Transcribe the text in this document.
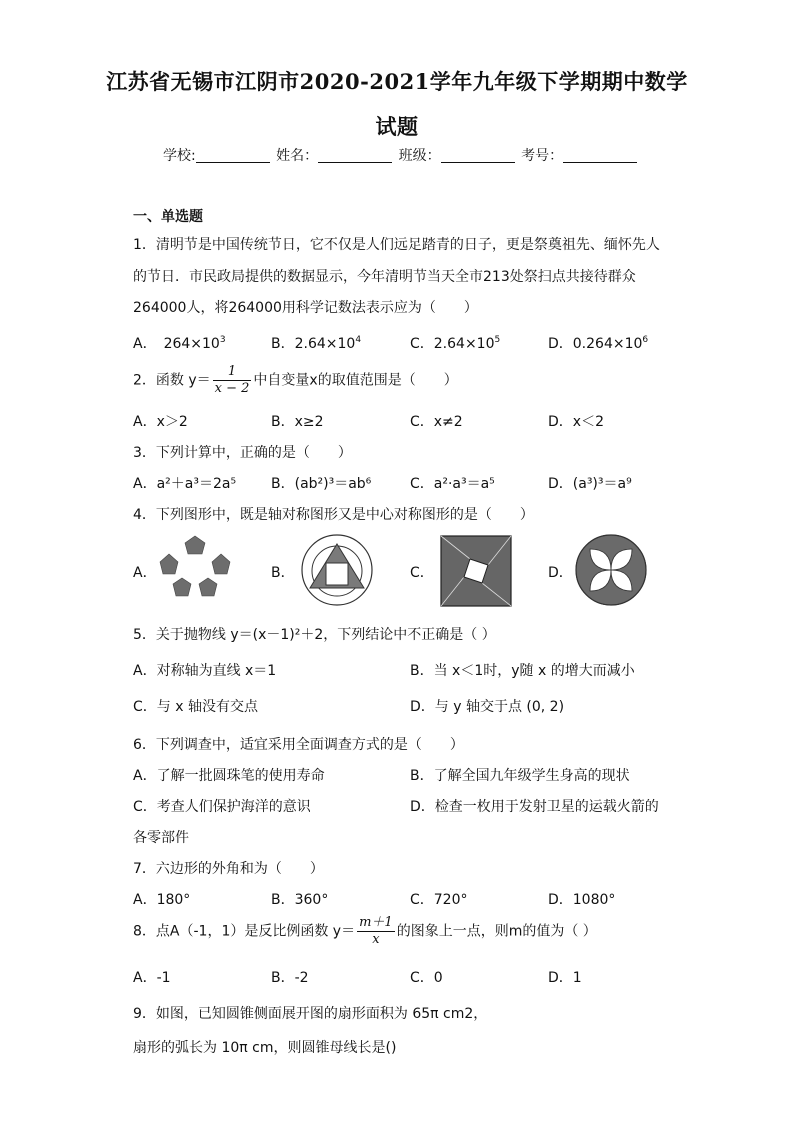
江苏省无锡市江阴市2020-2021学年九年级下学期期中数学
试题
学校:	姓名：	班级：	考号：
一、单选题
1．清明节是中国传统节日，它不仅是人们远足踏青的日子，更是祭奠祖先、缅怀先人
的节日．市民政局提供的数据显示，今年清明节当天全市213处祭扫点共接待群众
264000人，将264000用科学记数法表示应为（　　）
A．　$264\times 10^3$	B．$2.64\times 10^4$	C．$2.64\times 10^5$	D．$0.264\times 10^6$
2．函数 $y= \frac{1}{x - 2}$ 中自变量x的取值范围是（　　）
A．x＞2	B．x≥2	C．x≠2	D．x＜2
3．下列计算中，正确的是（　　）
A．a²＋a³＝2a⁵ B．(ab²)³＝ab⁶	C．a²·a³＝a⁵	D．(a³)³＝a⁹
4．下列图形中，既是轴对称图形又是中心对称图形的是（　　）
A．	B．	C．	D．
5．关于抛物线 y＝(x－1)²＋2，下列结论中不正确是（ ）
A．对称轴为直线 x＝1	B．当 x＜1时，y随 x 的增大而减小
C．与 x 轴没有交点	D．与 y 轴交于点 (0, 2)
6．下列调查中，适宜采用全面调查方式的是（　　）
A．了解一批圆珠笔的使用寿命	B．了解全国九年级学生身高的现状
C．考查人们保护海洋的意识	D．检查一枚用于发射卫星的运载火箭的
各零部件
7．六边形的外角和为（　　）
A．180°	B．360°	C．720°	D．1080°
8．点A（-1，1）是反比例函数 $y= \frac{m+1}{x}$ 的图象上一点，则m的值为（ ）
A．-1	B．-2	C．0	D．1
9．如图，已知圆锥侧面展开图的扇形面积为 65π cm2，
扇形的弧长为 10π cm，则圆锥母线长是()
